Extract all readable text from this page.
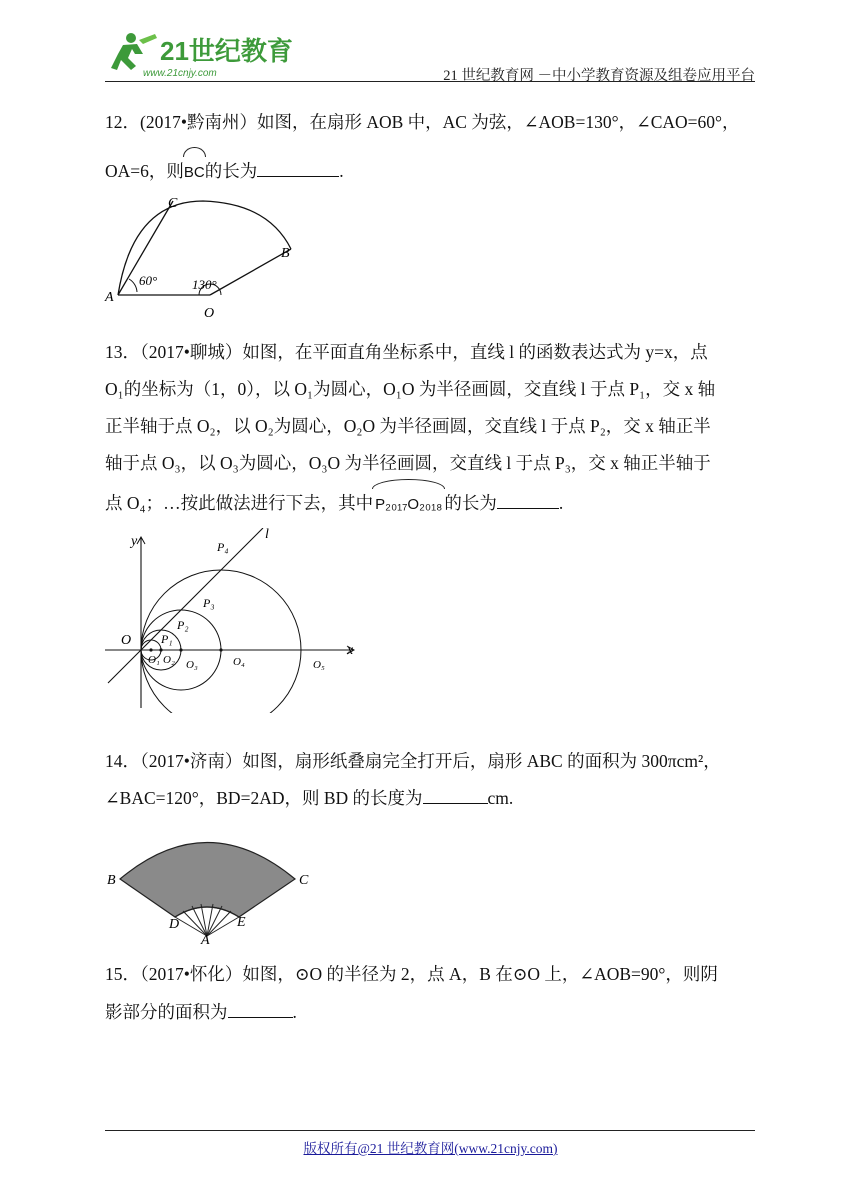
21世纪教育
www.21cnjy.com	21 世纪教育网 －中小学教育资源及组卷应用平台
12．(2017•黔南州）如图，在扇形 AOB 中，AC 为弦，∠AOB=130°，∠CAO=60°，
OA=6，则BC的长为	.
C
B
A
O
60°	130°
13．（2017•聊城）如图，在平面直角坐标系中，直线 l 的函数表达式为 y=x，点
O₁的坐标为（1，0），以 O₁为圆心，O₁O 为半径画圆，交直线 l 于点 P₁，交 x 轴
正半轴于点 O₂，以 O₂为圆心，O₂O 为半径画圆，交直线 l 于点 P₂，交 x 轴正半
轴于点 O₃，以 O₃为圆心，O₃O 为半径画圆，交直线 l 于点 P₃，交 x 轴正半轴于
点 O₄；…按此做法进行下去，其中 P₂₀₁₇O₂₀₁₈ 的长为	.
y
x
l
O P₁
P₂
P₃
P₄
O₁ O₂ O₃	O₄	O₅
14．（2017•济南）如图，扇形纸叠扇完全打开后，扇形 ABC 的面积为 300πcm²，
∠BAC=120°，BD=2AD，则 BD 的长度为	cm.
B	C
D	E
A
15．（2017•怀化）如图，⊙O 的半径为 2，点 A，B 在⊙O 上，∠AOB=90°，则阴
影部分的面积为	.
版权所有@21 世纪教育网(www.21cnjy.com)
